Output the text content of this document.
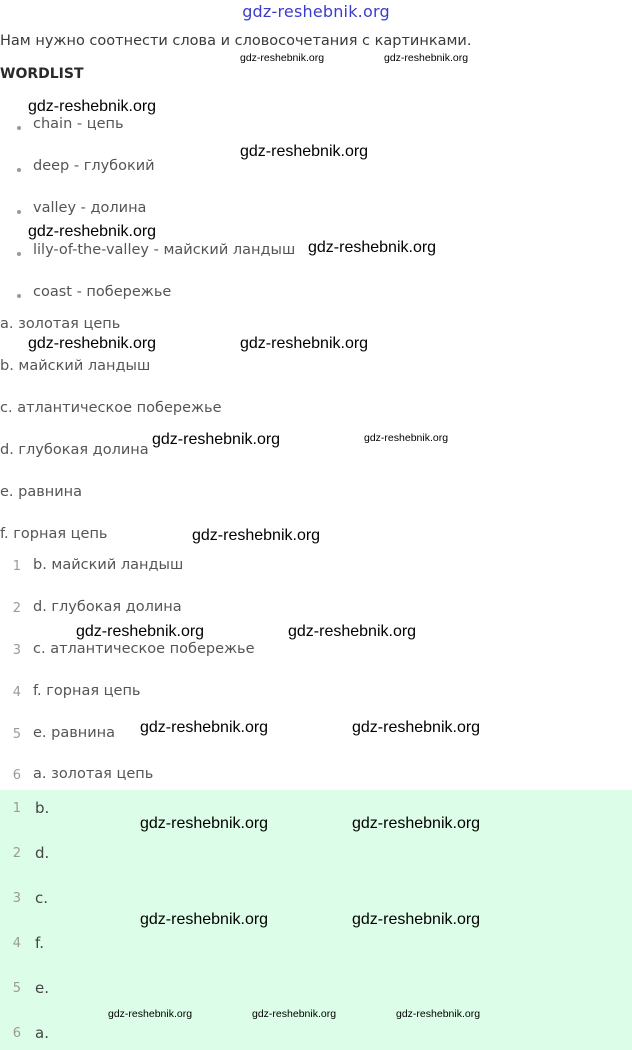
gdz-reshebnik.org
Нам нужно соотнести слова и словосочетания с картинками.
WORDLIST
chain - цепь
deep - глубокий
valley - долина
lily-of-the-valley - майский ландыш
coast - побережье
a. золотая цепь
b. майский ландыш
c. атлантическое побережье
d. глубокая долина
e. равнина
f. горная цепь
1 b. майский ландыш
2 d. глубокая долина
3 c. атлантическое побережье
4 f. горная цепь
5 e. равнина
6 a. золотая цепь
1 b.
2 d.
3 c.
4 f.
5 e.
6 a.
gdz-reshebnik.org	gdz-reshebnik.org
gdz-reshebnik.org
gdz-reshebnik.org
gdz-reshebnik.org
gdz-reshebnik.org
gdz-reshebnik.org	gdz-reshebnik.org
gdz-reshebnik.org	gdz-reshebnik.org
gdz-reshebnik.org
gdz-reshebnik.org	gdz-reshebnik.org
gdz-reshebnik.org	gdz-reshebnik.org
gdz-reshebnik.org	gdz-reshebnik.org
gdz-reshebnik.org	gdz-reshebnik.org
gdz-reshebnik.org	gdz-reshebnik.org	gdz-reshebnik.org
